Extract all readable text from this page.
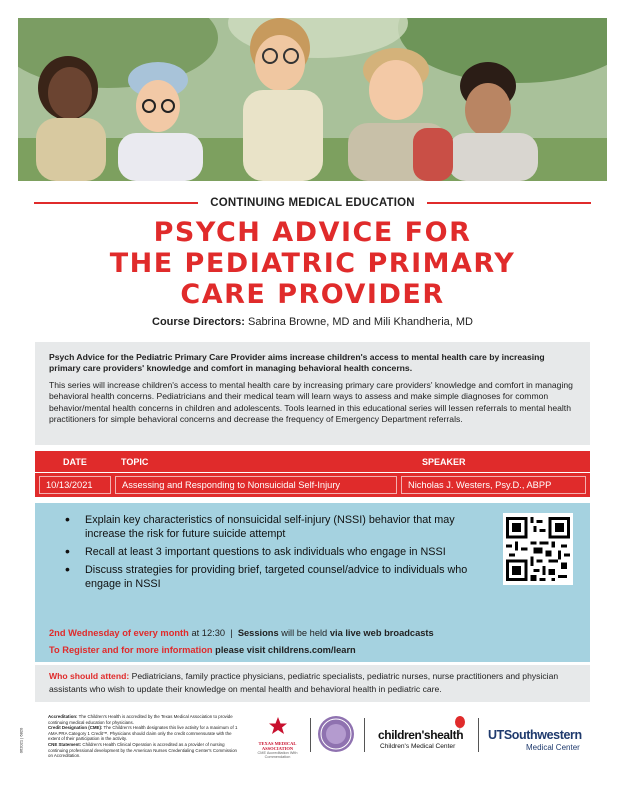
CONTINUING MEDICAL EDUCATION
PSYCH ADVICE FOR
THE PEDIATRIC PRIMARY
CARE PROVIDER
Course Directors: Sabrina Browne, MD and Mili Khandheria, MD
Psych Advice for the Pediatric Primary Care Provider aims increase children's access to mental health care by increasing primary care providers' knowledge and comfort in managing behavioral health concerns.
This series will increase children's access to mental health care by increasing primary care providers' knowledge and comfort in managing behavioral health concerns. Pediatricians and their medical team will learn ways to assess and make simple diagnoses for common behavior/mental health concerns in children and adolescents. Tools learned in this educational series will lessen referrals to mental health practitioners for simple behavioral concerns and decrease the frequency of Emergency Department referrals.
DATE	TOPIC	SPEAKER
10/13/2021	Assessing and Responding to Nonsuicidal Self-Injury	Nicholas J. Westers, Psy.D., ABPP
• Explain key characteristics of nonsuicidal self-injury (NSSI) behavior that may increase the risk for future suicide attempt
• Recall at least 3 important questions to ask individuals who engage in NSSI
• Discuss strategies for providing brief, targeted counsel/advice to individuals who engage in NSSI
2nd Wednesday of every month at 12:30 | Sessions will be held via live web broadcasts
To Register and for more information please visit childrens.com/learn
Who should attend: Pediatricians, family practice physicians, pediatric specialists, pediatric nurses, nurse practitioners and physician assistants who wish to update their knowledge on mental health and behavioral health in pediatric care.
062021 | 6820

Accreditation: The Children's Health is accredited by the Texas Medical Association to provide continuing medical education for physicians.

Credit Designation (CME): The Children's Health designates this live activity for a maximum of 1 AMA PRA Category 1 Credit™. Physicians should claim only the credit commensurate with the extent of their participation in the activity.

CNE Statement: Children's Health Clinical Operation is accredited as a provider of nursing continuing professional development by the American Nurses Credentialing Center's Commission on Accreditation.

TEXAS MEDICAL ASSOCIATION
CME Accreditation With Commendation
children'shealth
Children's Medical Center
UTSouthwestern
Medical Center
